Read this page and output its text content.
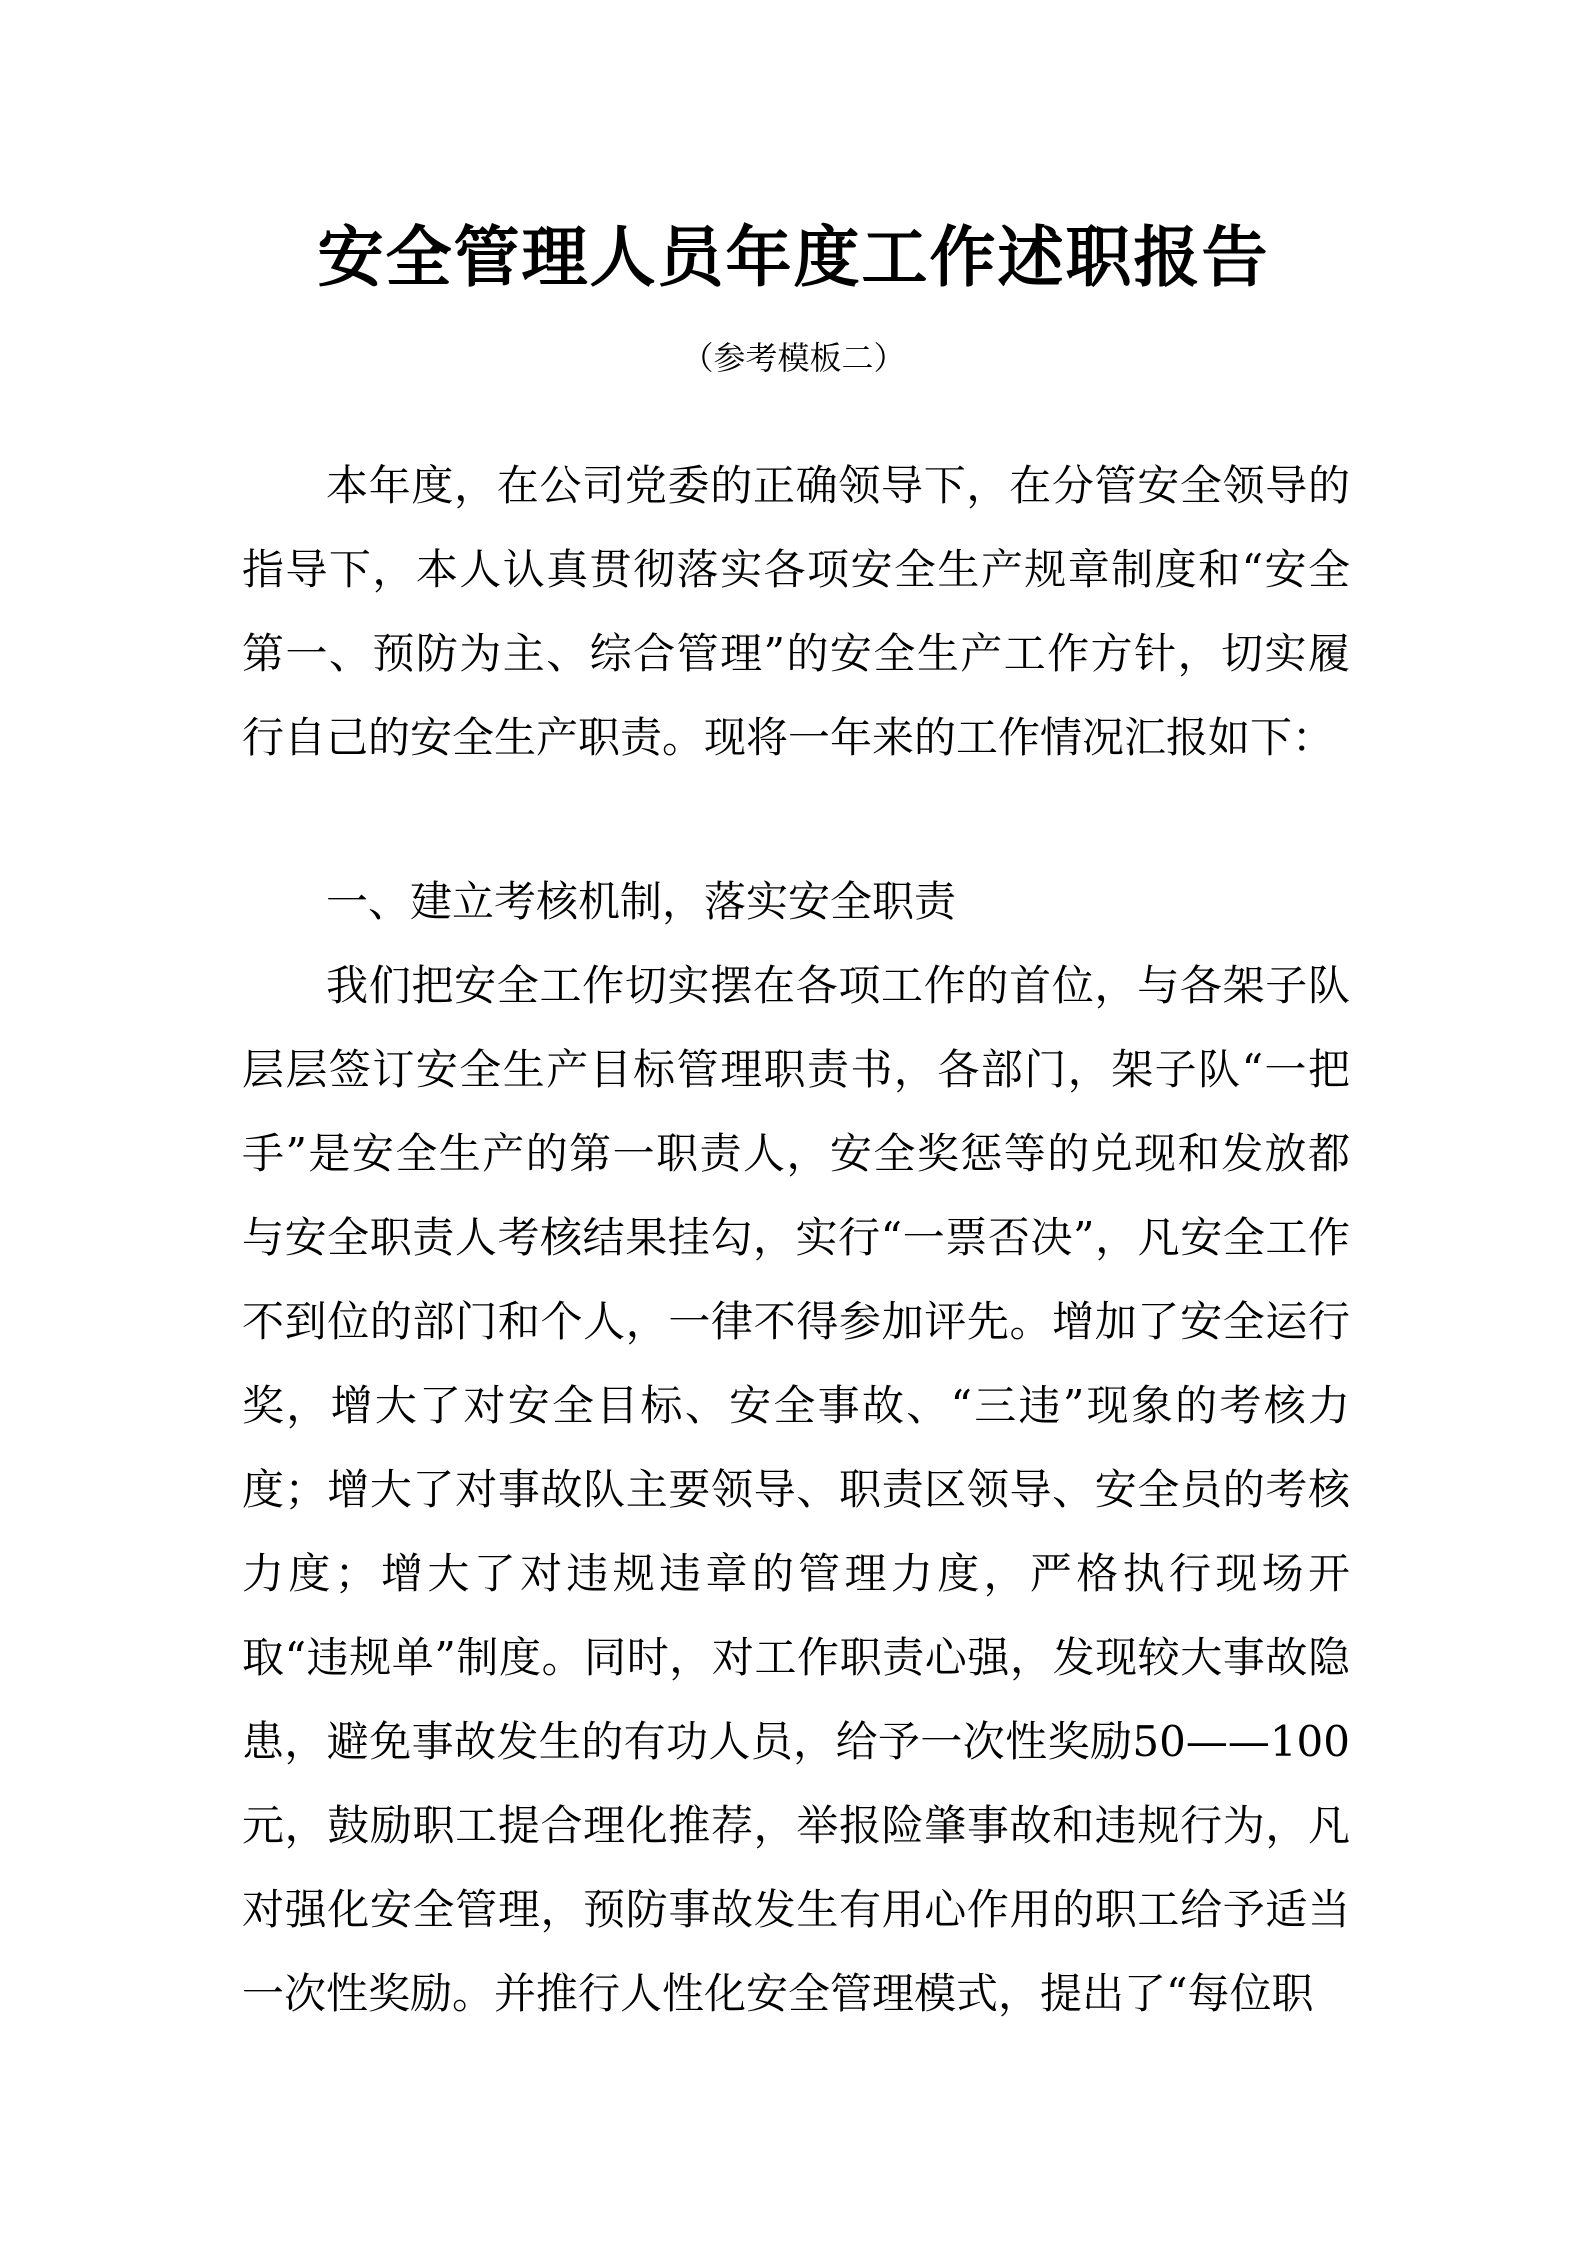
安全管理人员年度工作述职报告

（参考模板二）

本年度，在公司党委的正确领导下，在分管安全领导的指导下，本人认真贯彻落实各项安全生产规章制度和“安全第一、预防为主、综合管理”的安全生产工作方针，切实履行自己的安全生产职责。现将一年来的工作情况汇报如下：

一、建立考核机制，落实安全职责

我们把安全工作切实摆在各项工作的首位，与各架子队层层签订安全生产目标管理职责书，各部门，架子队“一把手”是安全生产的第一职责人，安全奖惩等的兑现和发放都与安全职责人考核结果挂勾，实行“一票否决”，凡安全工作不到位的部门和个人，一律不得参加评先。增加了安全运行奖，增大了对安全目标、安全事故、“三违”现象的考核力度；增大了对事故队主要领导、职责区领导、安全员的考核力度；增大了对违规违章的管理力度，严格执行现场开取“违规单”制度。同时，对工作职责心强，发现较大事故隐患，避免事故发生的有功人员，给予一次性奖励50——100元，鼓励职工提合理化推荐，举报险肇事故和违规行为，凡对强化安全管理，预防事故发生有用心作用的职工给予适当一次性奖励。并推行人性化安全管理模式，提出了“每位职
